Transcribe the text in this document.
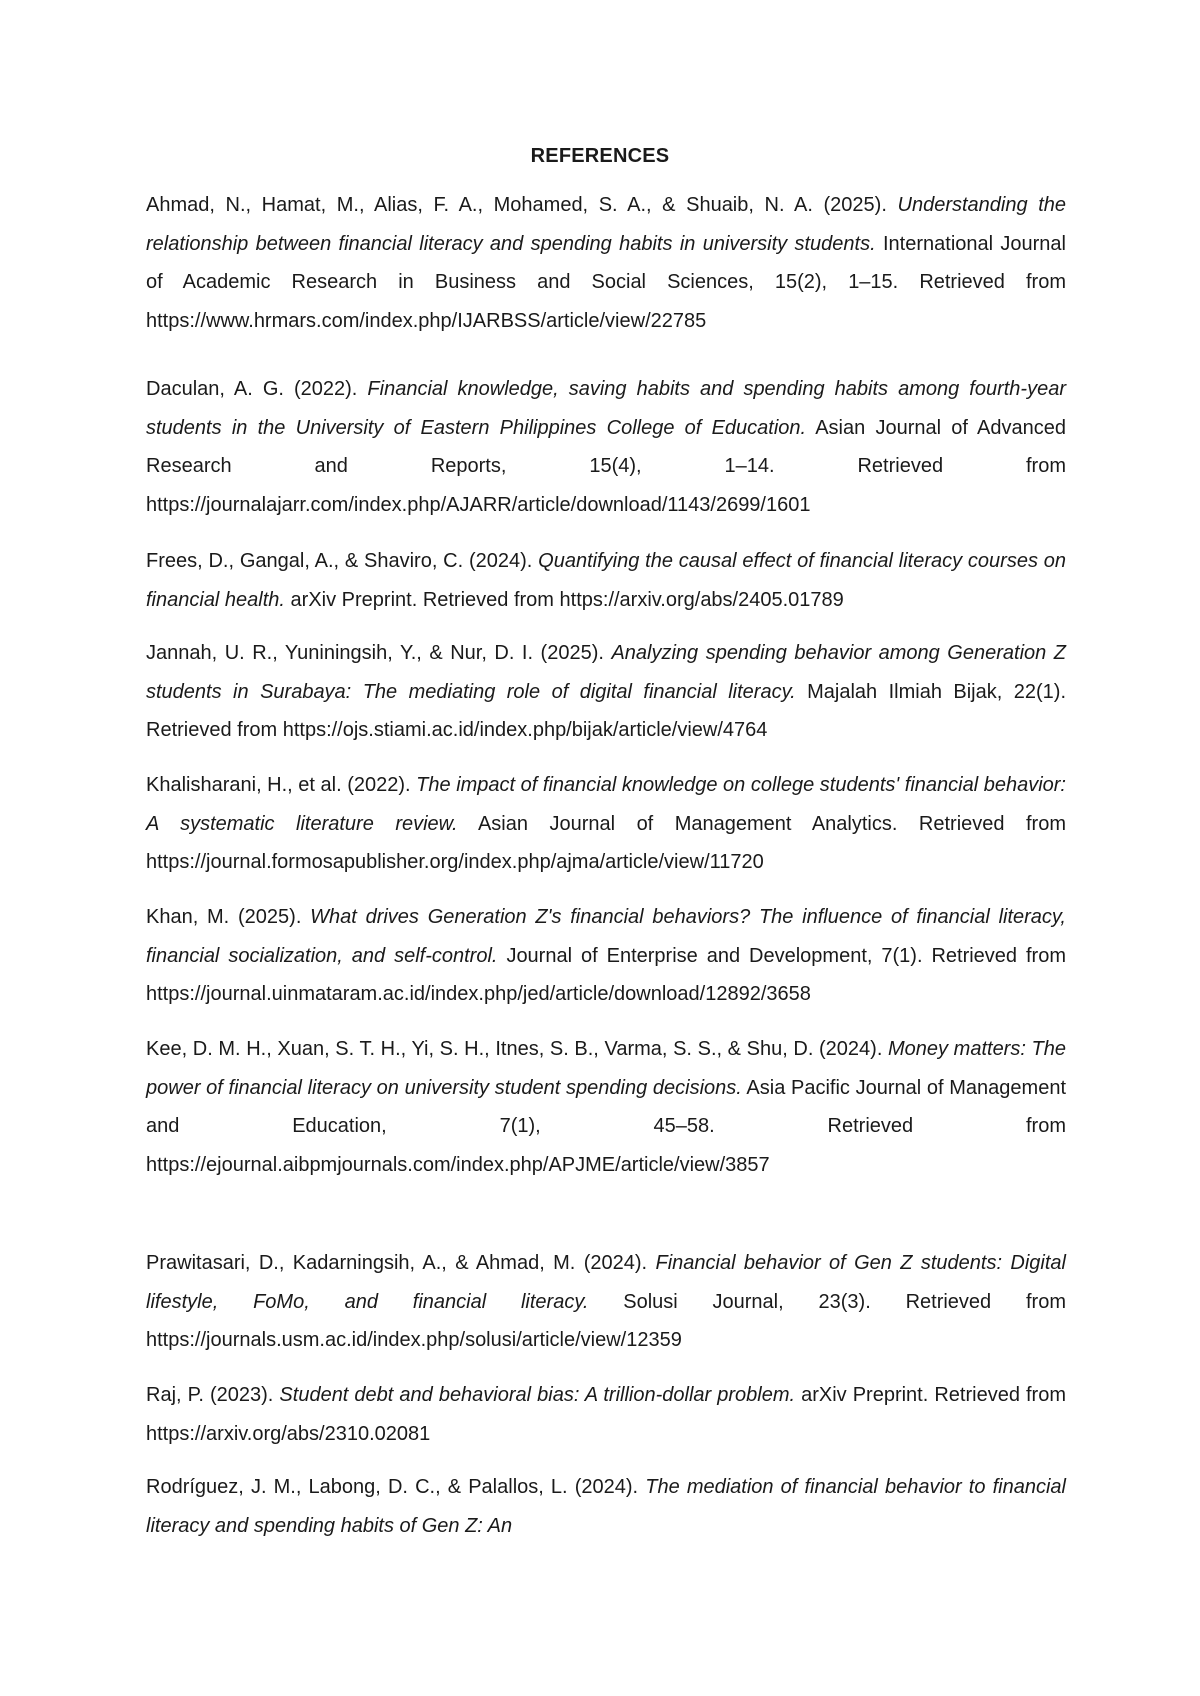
REFERENCES

Ahmad, N., Hamat, M., Alias, F. A., Mohamed, S. A., & Shuaib, N. A. (2025). Understanding the relationship between financial literacy and spending habits in university students. International Journal of Academic Research in Business and Social Sciences, 15(2), 1–15. Retrieved from https://www.hrmars.com/index.php/IJARBSS/article/view/22785

Daculan, A. G. (2022). Financial knowledge, saving habits and spending habits among fourth-year students in the University of Eastern Philippines College of Education. Asian Journal of Advanced Research and Reports, 15(4), 1–14. Retrieved from https://journalajarr.com/index.php/AJARR/article/download/1143/2699/1601

Frees, D., Gangal, A., & Shaviro, C. (2024). Quantifying the causal effect of financial literacy courses on financial health. arXiv Preprint. Retrieved from https://arxiv.org/abs/2405.01789

Jannah, U. R., Yuniningsih, Y., & Nur, D. I. (2025). Analyzing spending behavior among Generation Z students in Surabaya: The mediating role of digital financial literacy. Majalah Ilmiah Bijak, 22(1). Retrieved from https://ojs.stiami.ac.id/index.php/bijak/article/view/4764

Khalisharani, H., et al. (2022). The impact of financial knowledge on college students' financial behavior: A systematic literature review. Asian Journal of Management Analytics. Retrieved from https://journal.formosapublisher.org/index.php/ajma/article/view/11720

Khan, M. (2025). What drives Generation Z's financial behaviors? The influence of financial literacy, financial socialization, and self-control. Journal of Enterprise and Development, 7(1). Retrieved from https://journal.uinmataram.ac.id/index.php/jed/article/download/12892/3658

Kee, D. M. H., Xuan, S. T. H., Yi, S. H., Itnes, S. B., Varma, S. S., & Shu, D. (2024). Money matters: The power of financial literacy on university student spending decisions. Asia Pacific Journal of Management and Education, 7(1), 45–58. Retrieved from https://ejournal.aibpmjournals.com/index.php/APJME/article/view/3857

Prawitasari, D., Kadarningsih, A., & Ahmad, M. (2024). Financial behavior of Gen Z students: Digital lifestyle, FoMo, and financial literacy. Solusi Journal, 23(3). Retrieved from https://journals.usm.ac.id/index.php/solusi/article/view/12359

Raj, P. (2023). Student debt and behavioral bias: A trillion-dollar problem. arXiv Preprint. Retrieved from https://arxiv.org/abs/2310.02081

Rodríguez, J. M., Labong, D. C., & Palallos, L. (2024). The mediation of financial behavior to financial literacy and spending habits of Gen Z: An
